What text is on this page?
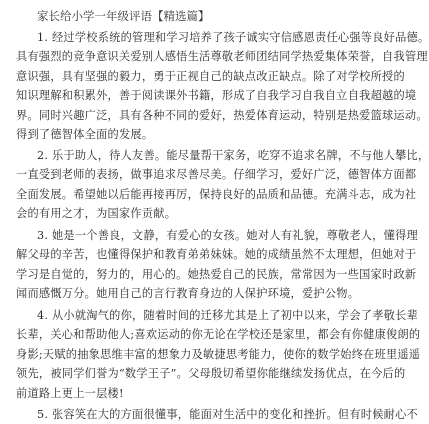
家长给小学一年级评语【精选篇】
1. 经过学校系统的管理和学习培养了孩子诚实守信感恩责任心强等良好品德。
具有强烈的竞争意识关爱别人感悟生活尊敬老师团结同学热爱集体荣誉，自我管理
意识强，具有坚强的毅力，勇于正视自己的缺点改正缺点。除了对学校所授的
知识理解和积累外，善于阅读课外书籍，形成了自我学习自我自立自我超越的境
界。同时兴趣广泛，具有各种不同的爱好，热爱体育运动，特别是热爱篮球运动。
得到了德智体全面的发展。
2. 乐于助人，待人友善。能尽量帮干家务，吃穿不追求名牌，不与他人攀比，
一直受到老师的表扬，做事追求尽善尽美。仔细学习，爱好广泛，德智体方面都
全面发展。希望她以后能再接再厉，保持良好的品质和品德。充满斗志，成为社
会的有用之才，为国家作贡献。
3. 她是一个善良，文静，有爱心的女孩。她对人有礼貌，尊敬老人，懂得理
解父母的辛苦，也懂得保护和教育弟弟妹妹。她的成绩虽然不太理想，但她对于
学习是自觉的，努力的，用心的。她热爱自己的民族，常常因为一些国家时政新
闻而感慨万分。她用自己的言行教育身边的人保护环境，爱护公物。
4. 从小就淘气的你，随着时间的迁移尤其是上了初中以来，学会了孝敬长辈
长辈，关心和帮助他人;喜欢运动的你无论在学校还是家里，都会有你健康俊朗的
身影;天赋的抽象思维丰富的想象力及敏捷思考能力，使你的数学始终在班里遥遥
领先，被同学们誉为“数学王子”。父母殷切希望你能继续发扬优点，在今后的
前道路上更上一层楼!
5. 张容笑在大的方面很懂事，能面对生活中的变化和挫折。但有时候耐心不
